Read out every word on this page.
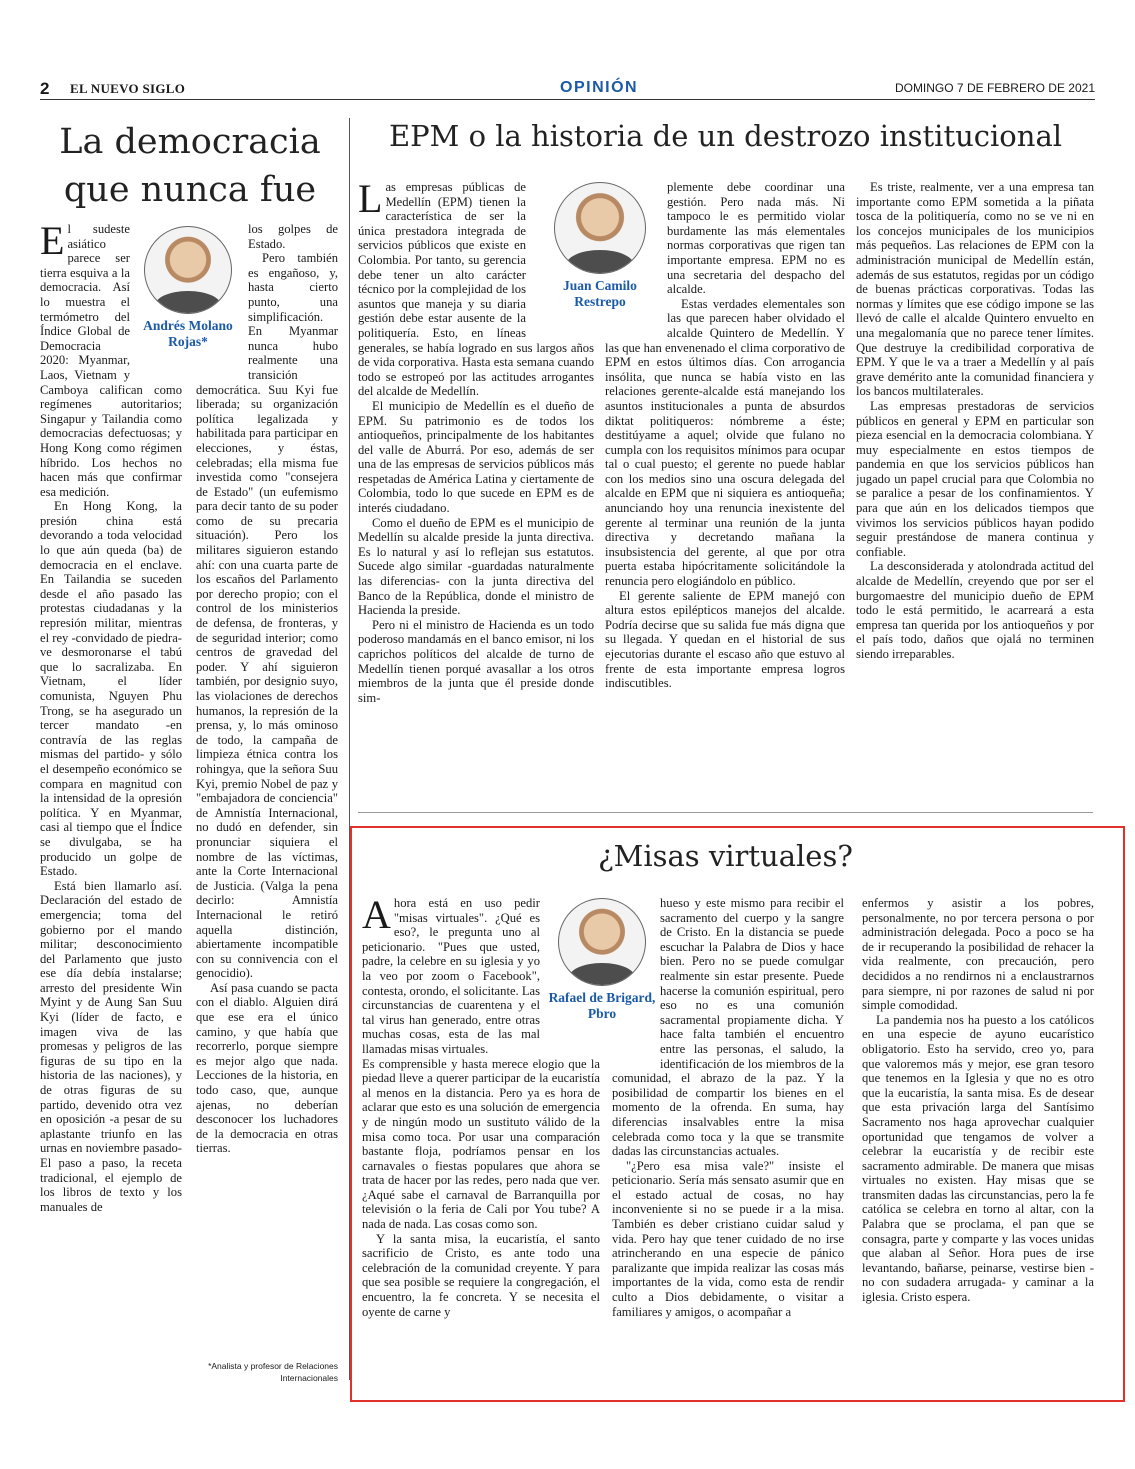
2 EL NUEVO SIGLO	OPINIÓN	DOMINGO 7 DE FEBRERO DE 2021
La democracia
que nunca fue
Andrés Molano Rojas*
E l sudeste asiático parece ser tierra esquiva a la democracia. Así lo muestra el termómetro del Índice Global de Democracia 2020: Myanmar, Laos, Vietnam y Camboya califican como regímenes autoritarios; Singapur y Tailandia como democracias defectuosas; y Hong Kong como régimen híbrido. Los hechos no hacen más que confirmar esa medición.

En Hong Kong, la presión china está devorando a toda velocidad lo que aún queda (ba) de democracia en el enclave. En Tailandia se suceden desde el año pasado las protestas ciudadanas y la represión militar, mientras el rey -convidado de piedra- ve desmoronarse el tabú que lo sacralizaba. En Vietnam, el líder comunista, Nguyen Phu Trong, se ha asegurado un tercer mandato -en contravía de las reglas mismas del partido- y sólo el desempeño económico se compara en magnitud con la intensidad de la opresión política. Y en Myanmar, casi al tiempo que el Índice se divulgaba, se ha producido un golpe de Estado.

Está bien llamarlo así. Declaración del estado de emergencia; toma del gobierno por el mando militar; desconocimiento del Parlamento que justo ese día debía instalarse; arresto del presidente Win Myint y de Aung San Suu Kyi (líder de facto, e imagen viva de las promesas y peligros de las figuras de su tipo en la historia de las naciones), y de otras figuras de su partido, devenido otra vez en oposición -a pesar de su aplastante triunfo en las urnas en noviembre pasado- El paso a paso, la receta tradicional, el ejemplo de los libros de texto y los manuales de

los golpes de Estado.

Pero también es engañoso, y, hasta cierto punto, una simplificación. En Myanmar nunca hubo realmente una transición democrática. Suu Kyi fue liberada; su organización política legalizada y habilitada para participar en elecciones, y éstas, celebradas; ella misma fue investida como "consejera de Estado" (un eufemismo para decir tanto de su poder como de su precaria situación). Pero los militares siguieron estando ahí: con una cuarta parte de los escaños del Parlamento por derecho propio; con el control de los ministerios de defensa, de fronteras, y de seguridad interior; como centros de gravedad del poder. Y ahí siguieron también, por designio suyo, las violaciones de derechos humanos, la represión de la prensa, y, lo más ominoso de todo, la campaña de limpieza étnica contra los rohingya, que la señora Suu Kyi, premio Nobel de paz y "embajadora de conciencia" de Amnistía Internacional, no dudó en defender, sin pronunciar siquiera el nombre de las víctimas, ante la Corte Internacional de Justicia. (Valga la pena decirlo: Amnistía Internacional le retiró aquella distinción, abiertamente incompatible con su connivencia con el genocidio).

Así pasa cuando se pacta con el diablo. Alguien dirá que ese era el único camino, y que había que recorrerlo, porque siempre es mejor algo que nada. Lecciones de la historia, en todo caso, que, aunque ajenas, no deberían desconocer los luchadores de la democracia en otras tierras.

*Analista y profesor de Relaciones
Internacionales
EPM o la historia de un destrozo institucional
Juan Camilo Restrepo
L as empresas públicas de Medellín (EPM) tienen la característica de ser la única prestadora integrada de servicios públicos que existe en Colombia. Por tanto, su gerencia debe tener un alto carácter técnico por la complejidad de los asuntos que maneja y su diaria gestión debe estar ausente de la politiquería. Esto, en líneas generales, se había logrado en sus largos años de vida corporativa. Hasta esta semana cuando todo se estropeó por las actitudes arrogantes del alcalde de Medellín.

El municipio de Medellín es el dueño de EPM. Su patrimonio es de todos los antioqueños, principalmente de los habitantes del valle de Aburrá. Por eso, además de ser una de las empresas de servicios públicos más respetadas de América Latina y ciertamente de Colombia, todo lo que sucede en EPM es de interés ciudadano.

Como el dueño de EPM es el municipio de Medellín su alcalde preside la junta directiva. Es lo natural y así lo reflejan sus estatutos. Sucede algo similar -guardadas naturalmente las diferencias- con la junta directiva del Banco de la República, donde el ministro de Hacienda la preside.

Pero ni el ministro de Hacienda es un todo poderoso mandamás en el banco emisor, ni los caprichos políticos del alcalde de turno de Medellín tienen porqué avasallar a los otros miembros de la junta que él preside donde sim-

plemente debe coordinar una gestión. Pero nada más. Ni tampoco le es permitido violar burdamente las más elementales normas corporativas que rigen tan importante empresa. EPM no es una secretaria del despacho del alcalde.

Estas verdades elementales son las que parecen haber olvidado el alcalde Quintero de Medellín. Y las que han envenenado el clima corporativo de EPM en estos últimos días. Con arrogancia insólita, que nunca se había visto en las relaciones gerente-alcalde está manejando los asuntos institucionales a punta de absurdos diktat politiqueros: nómbreme a éste; destitúyame a aquel; olvide que fulano no cumpla con los requisitos mínimos para ocupar tal o cual puesto; el gerente no puede hablar con los medios sino una oscura delegada del alcalde en EPM que ni siquiera es antioqueña; anunciando hoy una renuncia inexistente del gerente al terminar una reunión de la junta directiva y decretando mañana la insubsistencia del gerente, al que por otra puerta estaba hipócritamente solicitándole la renuncia pero elogiándolo en público.

El gerente saliente de EPM manejó con altura estos epilépticos manejos del alcalde. Podría decirse que su salida fue más digna que su llegada. Y quedan en el historial de sus ejecutorias durante el escaso año que estuvo al frente de esta importante empresa logros indiscutibles.

Es triste, realmente, ver a una empresa tan importante como EPM sometida a la piñata tosca de la politiquería, como no se ve ni en los concejos municipales de los municipios más pequeños. Las relaciones de EPM con la administración municipal de Medellín están, además de sus estatutos, regidas por un código de buenas prácticas corporativas. Todas las normas y límites que ese código impone se las llevó de calle el alcalde Quintero envuelto en una megalomanía que no parece tener límites. Que destruye la credibilidad corporativa de EPM. Y que le va a traer a Medellín y al país grave demérito ante la comunidad financiera y los bancos multilaterales.

Las empresas prestadoras de servicios públicos en general y EPM en particular son pieza esencial en la democracia colombiana. Y muy especialmente en estos tiempos de pandemia en que los servicios públicos han jugado un papel crucial para que Colombia no se paralice a pesar de los confinamientos. Y para que aún en los delicados tiempos que vivimos los servicios públicos hayan podido seguir prestándose de manera continua y confiable.

La desconsiderada y atolondrada actitud del alcalde de Medellín, creyendo que por ser el burgomaestre del municipio dueño de EPM todo le está permitido, le acarreará a esta empresa tan querida por los antioqueños y por el país todo, daños que ojalá no terminen siendo irreparables.

¿Misas virtuales?
Rafael de Brigard, Pbro
A hora está en uso pedir "misas virtuales". ¿Qué es eso?, le pregunta uno al peticionario. "Pues que usted, padre, la celebre en su iglesia y yo la veo por zoom o Facebook", contesta, orondo, el solicitante. Las circunstancias de cuarentena y el tal virus han generado, entre otras muchas cosas, esta de las mal llamadas misas virtuales.

Es comprensible y hasta merece elogio que la piedad lleve a querer participar de la eucaristía al menos en la distancia. Pero ya es hora de aclarar que esto es una solución de emergencia y de ningún modo un sustituto válido de la misa como toca. Por usar una comparación bastante floja, podríamos pensar en los carnavales o fiestas populares que ahora se trata de hacer por las redes, pero nada que ver. ¿Aqué sabe el carnaval de Barranquilla por televisión o la feria de Cali por You tube? A nada de nada. Las cosas como son.

Y la santa misa, la eucaristía, el santo sacrificio de Cristo, es ante todo una celebración de la comunidad creyente. Y para que sea posible se requiere la congregación, el encuentro, la fe concreta. Y se necesita el oyente de carne y

hueso y este mismo para recibir el sacramento del cuerpo y la sangre de Cristo. En la distancia se puede escuchar la Palabra de Dios y hace bien. Pero no se puede comulgar realmente sin estar presente. Puede hacerse la comunión espiritual, pero eso no es una comunión sacramental propiamente dicha. Y hace falta también el encuentro entre las personas, el saludo, la identificación de los miembros de la comunidad, el abrazo de la paz. Y la posibilidad de compartir los bienes en el momento de la ofrenda. En suma, hay diferencias insalvables entre la misa celebrada como toca y la que se transmite dadas las circunstancias actuales.

"¿Pero esa misa vale?" insiste el peticionario. Sería más sensato asumir que en el estado actual de cosas, no hay inconveniente si no se puede ir a la misa. También es deber cristiano cuidar salud y vida. Pero hay que tener cuidado de no irse atrincherando en una especie de pánico paralizante que impida realizar las cosas más importantes de la vida, como esta de rendir culto a Dios debidamente, o visitar a familiares y amigos, o acompañar a

enfermos y asistir a los pobres, personalmente, no por tercera persona o por administración delegada. Poco a poco se ha de ir recuperando la posibilidad de rehacer la vida realmente, con precaución, pero decididos a no rendirnos ni a enclaustrarnos para siempre, ni por razones de salud ni por simple comodidad.

La pandemia nos ha puesto a los católicos en una especie de ayuno eucarístico obligatorio. Esto ha servido, creo yo, para que valoremos más y mejor, ese gran tesoro que tenemos en la Iglesia y que no es otro que la eucaristía, la santa misa. Es de desear que esta privación larga del Santísimo Sacramento nos haga aprovechar cualquier oportunidad que tengamos de volver a celebrar la eucaristía y de recibir este sacramento admirable. De manera que misas virtuales no existen. Hay misas que se transmiten dadas las circunstancias, pero la fe católica se celebra en torno al altar, con la Palabra que se proclama, el pan que se consagra, parte y comparte y las voces unidas que alaban al Señor. Hora pues de irse levantando, bañarse, peinarse, vestirse bien -no con sudadera arrugada- y caminar a la iglesia. Cristo espera.
